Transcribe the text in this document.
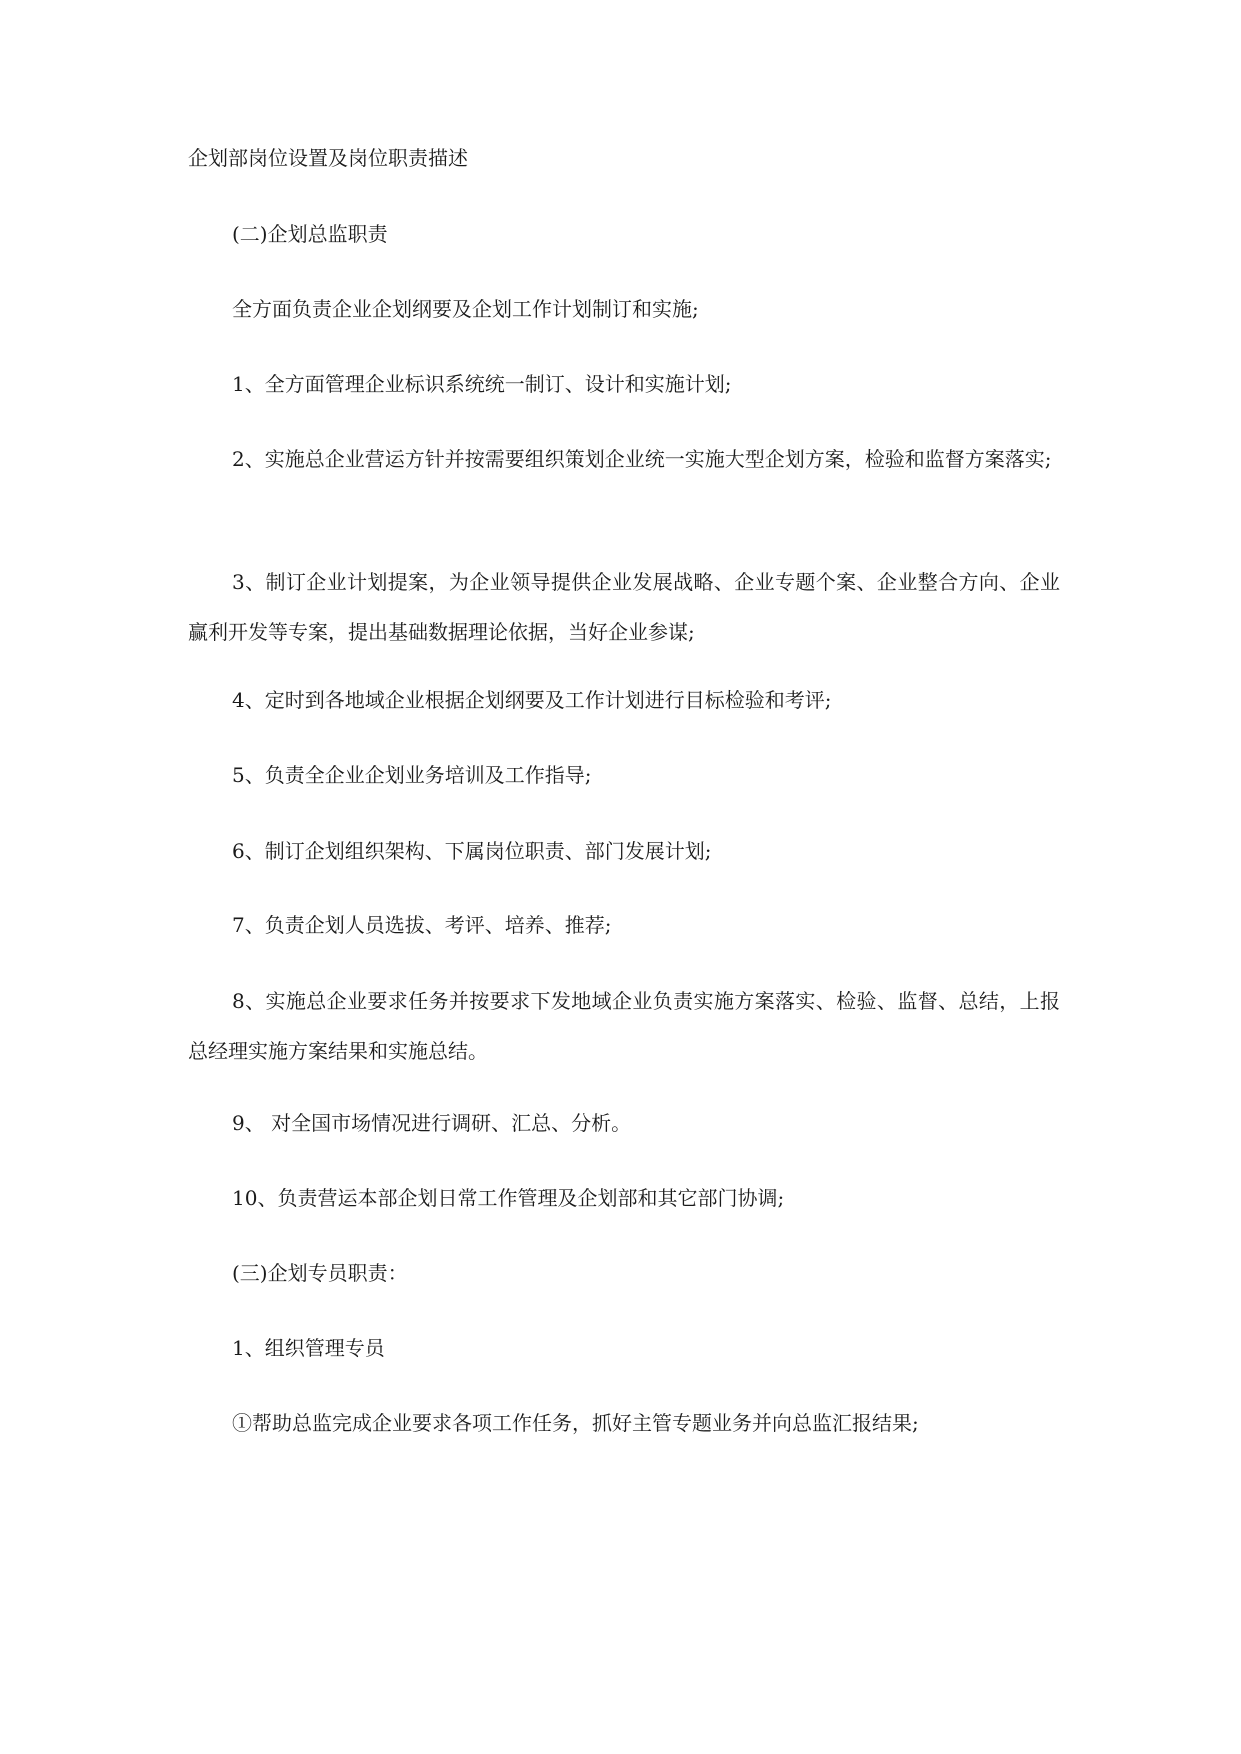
企划部岗位设置及岗位职责描述
(二)企划总监职责
全方面负责企业企划纲要及企划工作计划制订和实施;
1、全方面管理企业标识系统统一制订、设计和实施计划;
2、实施总企业营运方针并按需要组织策划企业统一实施大型企划方案，检验和监督方案落实;
3、制订企业计划提案，为企业领导提供企业发展战略、企业专题个案、企业整合方向、企业赢利开发等专案，提出基础数据理论依据，当好企业参谋;
4、定时到各地域企业根据企划纲要及工作计划进行目标检验和考评;
5、负责全企业企划业务培训及工作指导;
6、制订企划组织架构、下属岗位职责、部门发展计划;
7、负责企划人员选拔、考评、培养、推荐;
8、实施总企业要求任务并按要求下发地域企业负责实施方案落实、检验、监督、总结，上报总经理实施方案结果和实施总结。
9、 对全国市场情况进行调研、汇总、分析。
10、负责营运本部企划日常工作管理及企划部和其它部门协调;
(三)企划专员职责：
1、组织管理专员
①帮助总监完成企业要求各项工作任务，抓好主管专题业务并向总监汇报结果;
